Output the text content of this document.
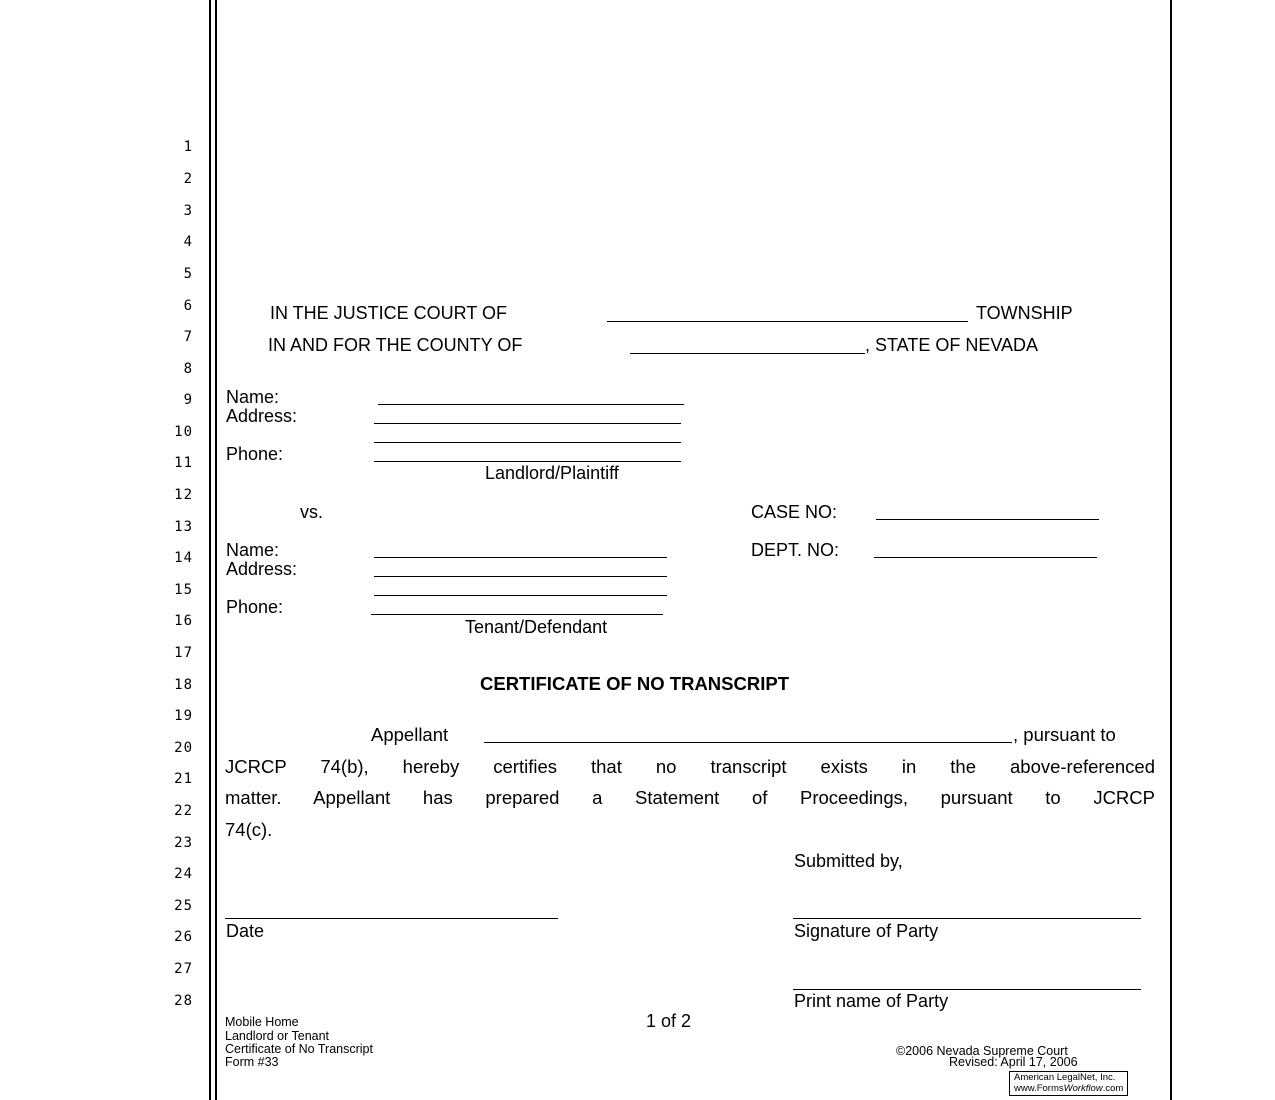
1
2
3
4
5
6
7
8
9
10
11
12
13
14
15
16
17
18
19
20
21
22
23
24
25
26
27
28
IN THE JUSTICE COURT OF	TOWNSHIP
IN AND FOR THE COUNTY OF	, STATE OF NEVADA
Name:
Address:
Phone:
Landlord/Plaintiff
vs.	CASE NO:
Name:	DEPT. NO:
Address:
Phone:
Tenant/Defendant
CERTIFICATE OF NO TRANSCRIPT
Appellant	, pursuant to
JCRCP 74(b), hereby certifies that no transcript exists in the above-referenced
matter. Appellant has prepared a Statement of Proceedings, pursuant to JCRCP
74(c).
Submitted by,
Date	Signature of Party
Print name of Party
1 of 2
Mobile Home
Landlord or Tenant
Certificate of No Transcript
Form #33
©2006 Nevada Supreme Court
Revised: April 17, 2006
American LegalNet, Inc.
www.FormsWorkflow.com
